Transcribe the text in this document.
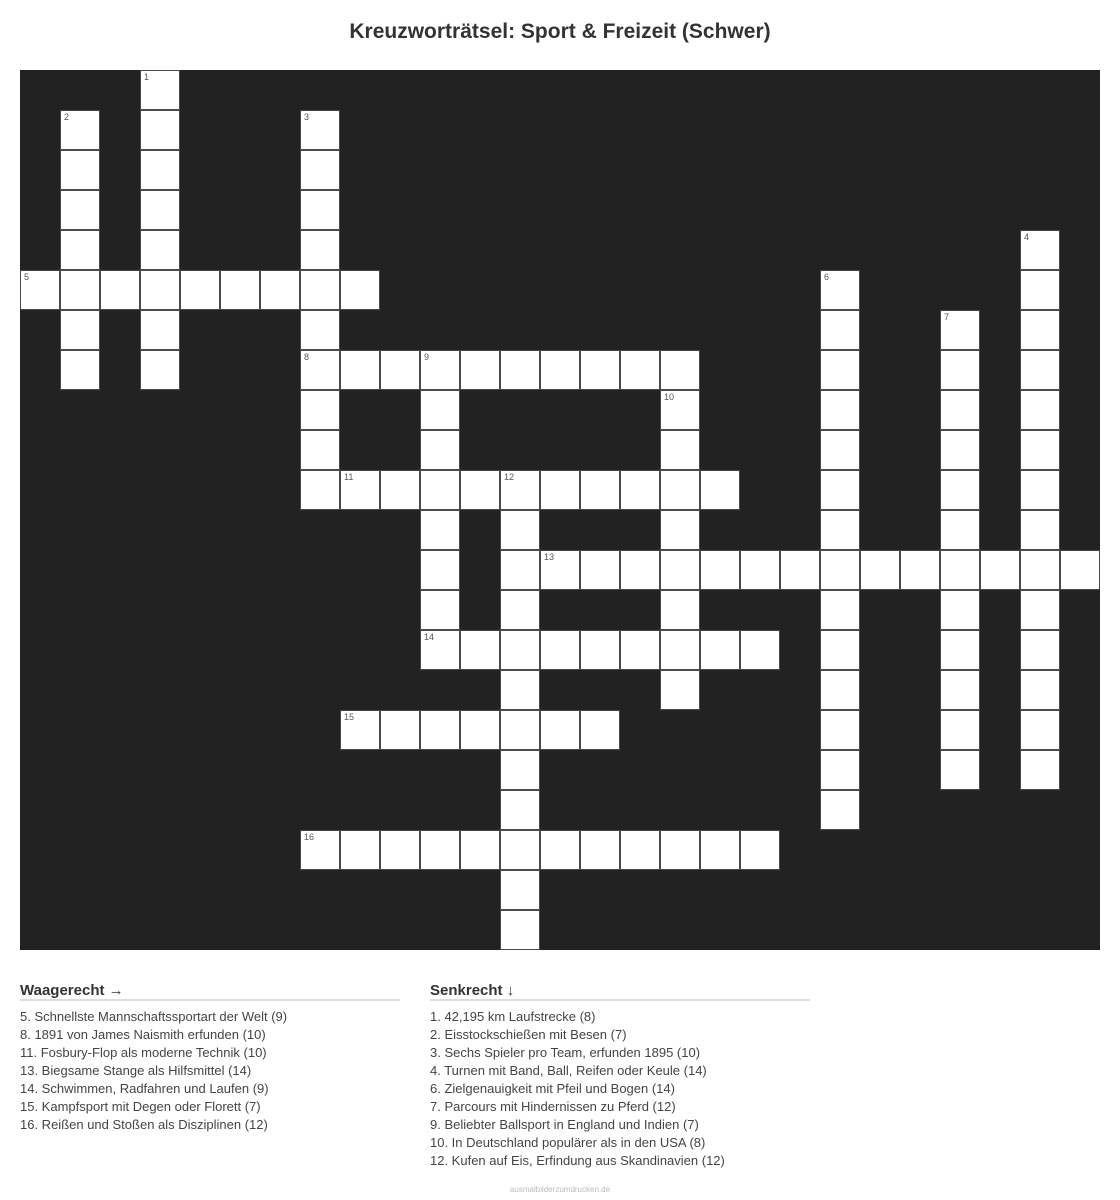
Kreuzworträtsel: Sport & Freizeit (Schwer)
5
8	9
11	12
13
14
15
16
1
2	3
4
6
7
10
Waagerecht →
5. Schnellste Mannschaftssportart der Welt (9)
8. 1891 von James Naismith erfunden (10)
11. Fosbury-Flop als moderne Technik (10)
13. Biegsame Stange als Hilfsmittel (14)
14. Schwimmen, Radfahren und Laufen (9)
15. Kampfsport mit Degen oder Florett (7)
16. Reißen und Stoßen als Disziplinen (12)
Senkrecht ↓
1. 42,195 km Laufstrecke (8)
2. Eisstockschießen mit Besen (7)
3. Sechs Spieler pro Team, erfunden 1895 (10)
4. Turnen mit Band, Ball, Reifen oder Keule (14)
6. Zielgenauigkeit mit Pfeil und Bogen (14)
7. Parcours mit Hindernissen zu Pferd (12)
9. Beliebter Ballsport in England und Indien (7)
10. In Deutschland populärer als in den USA (8)
12. Kufen auf Eis, Erfindung aus Skandinavien (12)
ausmalbilderzumdrucken.de
